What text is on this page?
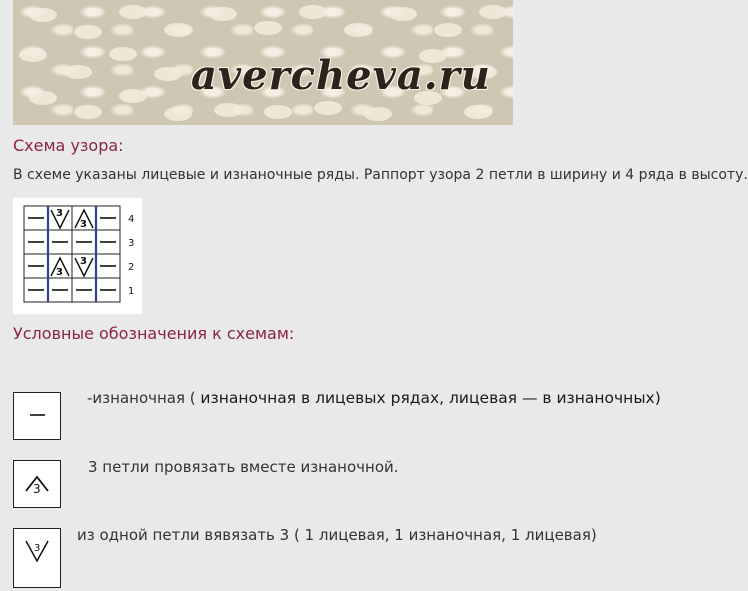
avercheva.ru
Схема узора:
В схеме указаны лицевые и изнаночные ряды. Раппорт узора 2 петли в ширину и 4 ряда в высоту.
3
3
3
3
4
3
2
1
Условные обозначения к схемам:
-изнаночная ( изнаночная в лицевых рядах, лицевая — в изнаночных)
3
3 петли провязать вместе изнаночной.
3
из одной петли вявязать 3 ( 1 лицевая, 1 изнаночная, 1 лицевая)
